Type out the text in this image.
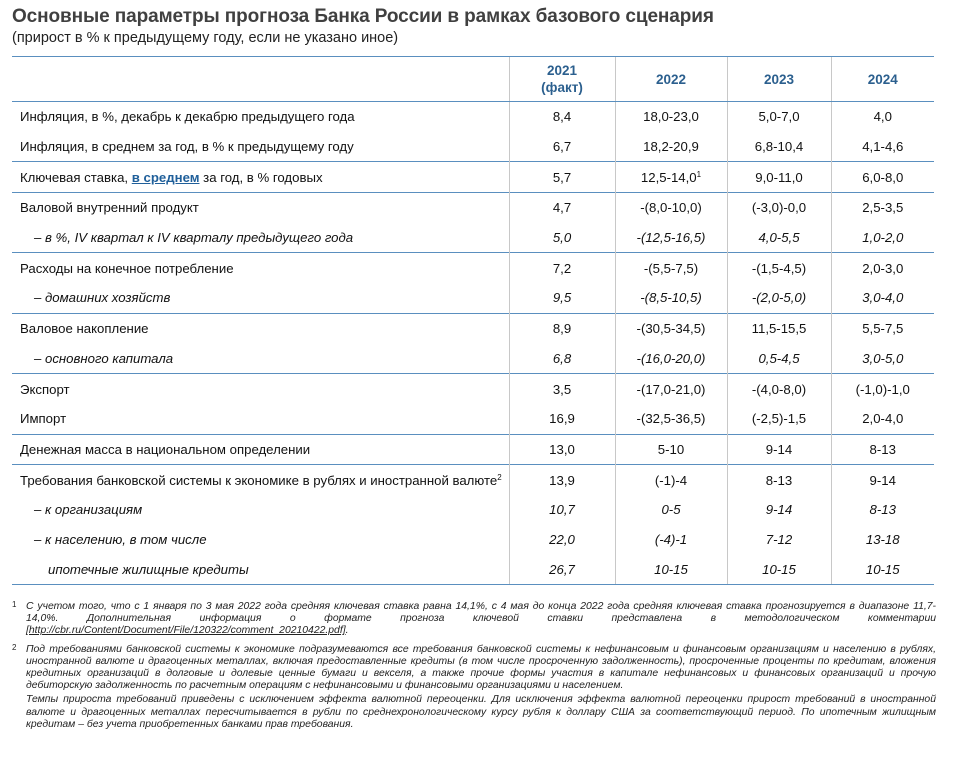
Основные параметры прогноза Банка России в рамках базового сценария
(прирост в % к предыдущему году, если не указано иное)
	2021
(факт)	2022	2023	2024
Инфляция, в %, декабрь к декабрю предыдущего года	8,4	18,0-23,0	5,0-7,0	4,0
Инфляция, в среднем за год, в % к предыдущему году	6,7	18,2-20,9	6,8-10,4	4,1-4,6
Ключевая ставка, в среднем за год, в % годовых	5,7	12,5-14,0$^1$	9,0-11,0	6,0-8,0
Валовой внутренний продукт	4,7	-(8,0-10,0)	(-3,0)-0,0	2,5-3,5
– в %, IV квартал к IV кварталу предыдущего года	5,0	-(12,5-16,5)	4,0-5,5	1,0-2,0
Расходы на конечное потребление	7,2	-(5,5-7,5)	-(1,5-4,5)	2,0-3,0
– домашних хозяйств	9,5	-(8,5-10,5)	-(2,0-5,0)	3,0-4,0
Валовое накопление	8,9	-(30,5-34,5)	11,5-15,5	5,5-7,5
– основного капитала	6,8	-(16,0-20,0)	0,5-4,5	3,0-5,0
Экспорт	3,5	-(17,0-21,0)	-(4,0-8,0)	(-1,0)-1,0
Импорт	16,9	-(32,5-36,5)	(-2,5)-1,5	2,0-4,0
Денежная масса в национальном определении	13,0	5-10	9-14	8-13
Требования банковской системы к экономике в рублях и иностранной валюте$^2$	13,9	(-1)-4	8-13	9-14
– к организациям	10,7	0-5	9-14	8-13
– к населению, в том числе	22,0	(-4)-1	7-12	13-18
ипотечные жилищные кредиты	26,7	10-15	10-15	10-15
1 С учетом того, что с 1 января по 3 мая 2022 года средняя ключевая ставка равна 14,1%, с 4 мая до конца 2022 года средняя ключевая ставка прогнозируется в диапазоне 11,7-14,0%. Дополнительная информация о формате прогноза ключевой ставки представлена в методологическом комментарии [http://cbr.ru/Content/Document/File/120322/comment_20210422.pdf].
2 Под требованиями банковской системы к экономике подразумеваются все требования банковской системы к нефинансовым и финансовым организациям и населению в рублях, иностранной валюте и драгоценных металлах, включая предоставленные кредиты (в том числе просроченную задолженность), просроченные проценты по кредитам, вложения кредитных организаций в долговые и долевые ценные бумаги и векселя, а также прочие формы участия в капитале нефинансовых и финансовых организаций и прочую дебиторскую задолженность по расчетным операциям с нефинансовыми и финансовыми организациями и населением.
Темпы прироста требований приведены с исключением эффекта валютной переоценки. Для исключения эффекта валютной переоценки прирост требований в иностранной валюте и драгоценных металлах пересчитывается в рубли по среднехронологическому курсу рубля к доллару США за соответствующий период. По ипотечным жилищным кредитам – без учета приобретенных банками прав требования.
